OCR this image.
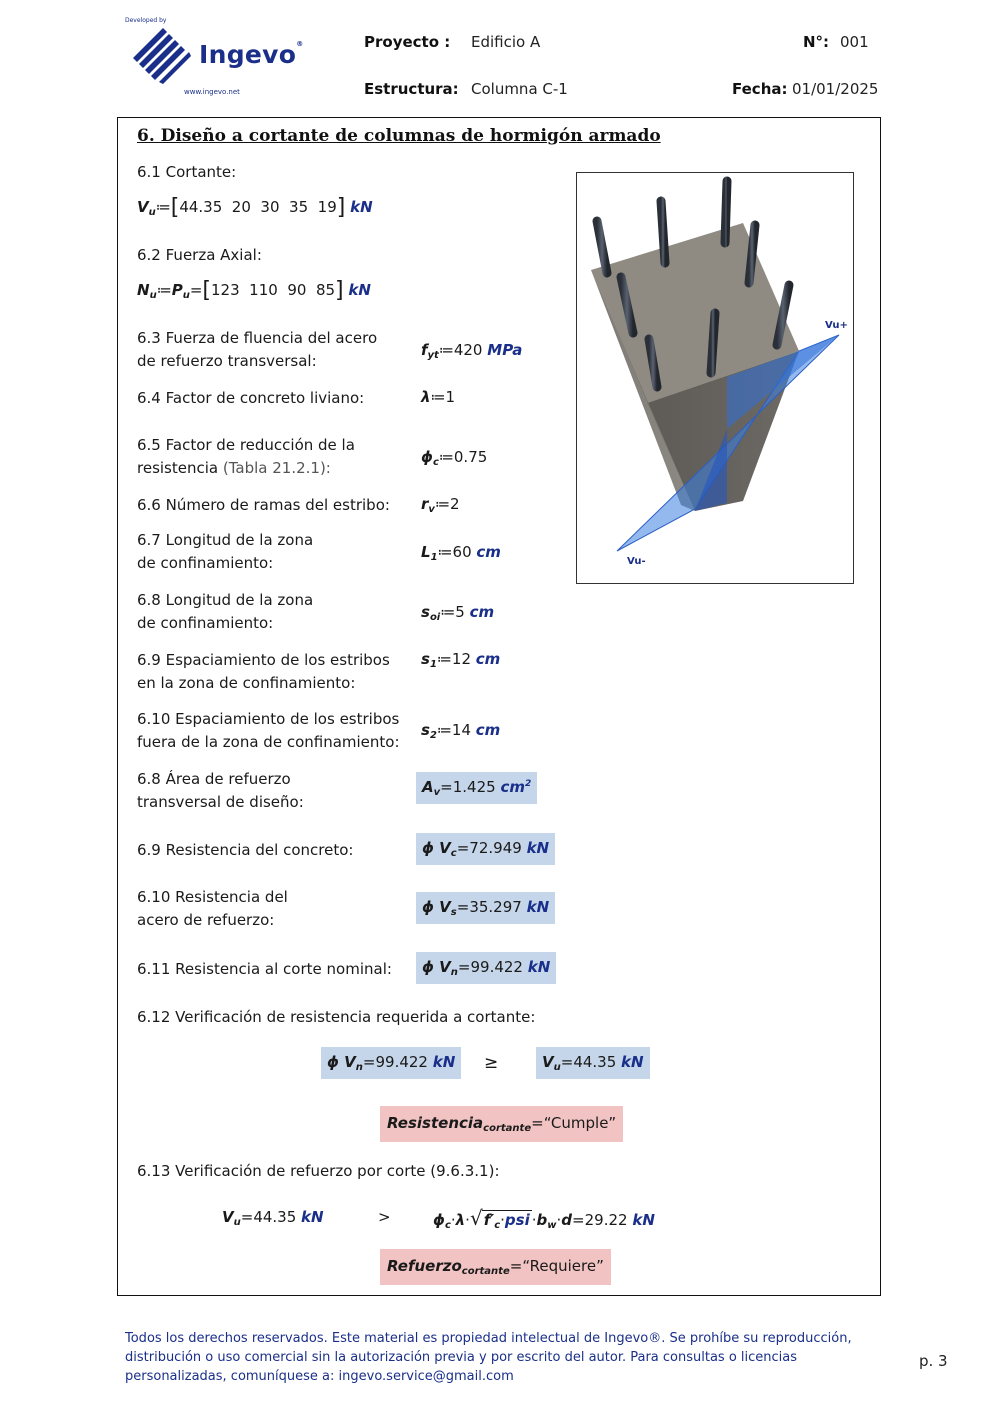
Developed by
Ingevo®
www.ingevo.net
Proyecto : Edificio A	N°: 001
Estructura: Columna C-1	Fecha: 01/01/2025
6. Diseño a cortante de columnas de hormigón armado
6.1 Cortante:
$V_u≔[44.35$  20  30  35  19] kN
6.2 Fuerza Axial:
$N_u≔P_u=[123$  110  90  85] kN
6.3 Fuerza de fluencia del acero
de refuerzo transversal:
$f_{yt}≔420$ MPa
6.4 Factor de concreto liviano:	λ≔1
6.5 Factor de reducción de la
resistencia (Tabla 21.2.1):
$\phi_c≔0.75$
6.6 Número de ramas del estribo:	$r_v≔2$
6.7 Longitud de la zona
de confinamiento:
$L_1≔60$ cm
6.8 Longitud de la zona
de confinamiento:
$s_{oi}≔5$ cm
6.9 Espaciamiento de los estribos
en la zona de confinamiento:
$s_1≔12$ cm
6.10 Espaciamiento de los estribos
fuera de la zona de confinamiento:
$s_2≔14$ cm
6.8 Área de refuerzo
transversal de diseño:
$A_v=1.425$ $cm^2$
6.9 Resistencia del concreto:	ϕ $V_c=72.949$ kN
6.10 Resistencia del
acero de refuerzo:
ϕ $V_s=35.297$ kN
6.11 Resistencia al corte nominal:	ϕ $V_n=99.422$ kN
6.12 Verificación de resistencia requerida a cortante:
ϕ $V_n=99.422$ kN	≥	$V_u=44.35$ kN
Resistencia$_{cortante}$=“Cumple”
6.13 Verificación de refuerzo por corte (9.6.3.1):
$V_u=44.35$ kN	>	$\phi_c\cdot\lambda\cdot√f'_c\cdot psi \cdot b_w\cdot d=29.22$ kN
Refuerzo$_{cortante}$=“Requiere”
Vu+
Vu-
Todos los derechos reservados. Este material es propiedad intelectual de Ingevo®. Se prohíbe su reproducción, distribución o uso comercial sin la autorización previa y por escrito del autor. Para consultas o licencias personalizadas, comuníquese a: ingevo.service@gmail.com
p. 3
